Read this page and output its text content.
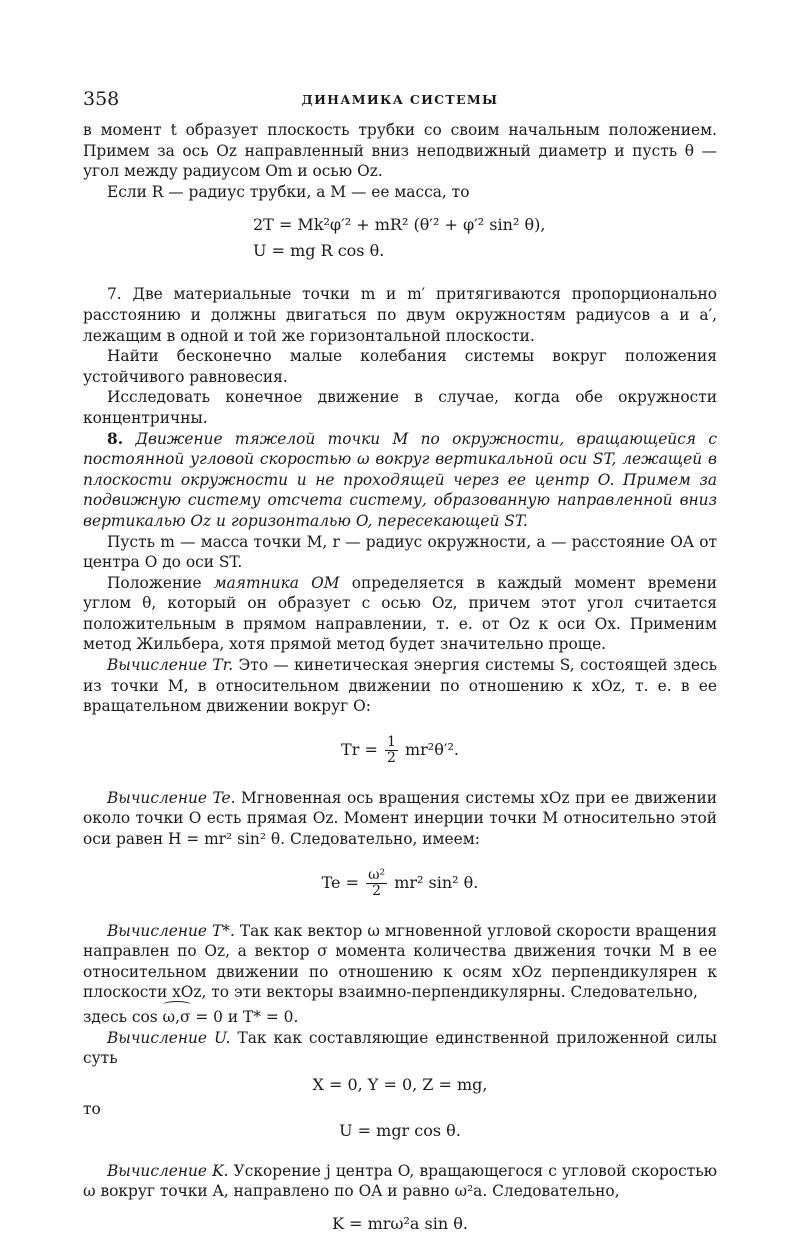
358	ДИНАМИКА СИСТЕМЫ

в момент t образует плоскость трубки со своим начальным положением. Примем за ось Oz направленный вниз неподвижный диаметр и пусть θ — угол между радиусом Om и осью Oz.

Если R — радиус трубки, а M — ее масса, то

2T = Mk²φ′² + mR² (θ′² + φ′² sin² θ),
U = mg R cos θ.

7. Две материальные точки m и m′ притягиваются пропорционально расстоянию и должны двигаться по двум окружностям радиусов a и a′, лежащим в одной и той же горизонтальной плоскости.

Найти бесконечно малые колебания системы вокруг положения устойчивого равновесия.

Исследовать конечное движение в случае, когда обе окружности концентричны.

8. Движение тяжелой точки M по окружности, вращающейся с постоянной угловой скоростью ω вокруг вертикальной оси ST, лежащей в плоскости окружности и не проходящей через ее центр O. Примем за подвижную систему отсчета систему, образованную направленной вниз вертикалью Oz и горизонталью O, пересекающей ST.

Пусть m — масса точки M, r — радиус окружности, a — расстояние OA от центра O до оси ST.

Положение маятника OM определяется в каждый момент времени углом θ, который он образует с осью Oz, причем этот угол считается положительным в прямом направлении, т. е. от Oz к оси Ox. Применим метод Жильбера, хотя прямой метод будет значительно проще.

Вычисление Tr. Это — кинетическая энергия системы S, состоящей здесь из точки M, в относительном движении по отношению к xOz, т. е. в ее вращательном движении вокруг O:

$Tr = \frac{1}{2} mr^2\theta'^2$.

Вычисление Te. Мгновенная ось вращения системы xOz при ее движении около точки O есть прямая Oz. Момент инерции точки M относительно этой оси равен H = mr² sin² θ. Следовательно, имеем:

$Te = \frac{\text{ω²}}{2} mr^2$ sin² θ.

Вычисление T*. Так как вектор ω мгновенной угловой скорости вращения направлен по Oz, а вектор σ момента количества движения точки M в ее относительном движении по отношению к осям xOz перпендикулярен к плоскости xOz, то эти векторы взаимно-перпендикулярны. Следовательно,

здесь cos ω,σ = 0 и T* = 0.

Вычисление U. Так как составляющие единственной приложенной силы суть

X = 0, Y = 0, Z = mg,
то
U = mgr cos θ.

Вычисление K. Ускорение j центра O, вращающегося с угловой скоростью ω вокруг точки A, направлено по OA и равно ω²a. Следовательно,

K = mrω²a sin θ.
